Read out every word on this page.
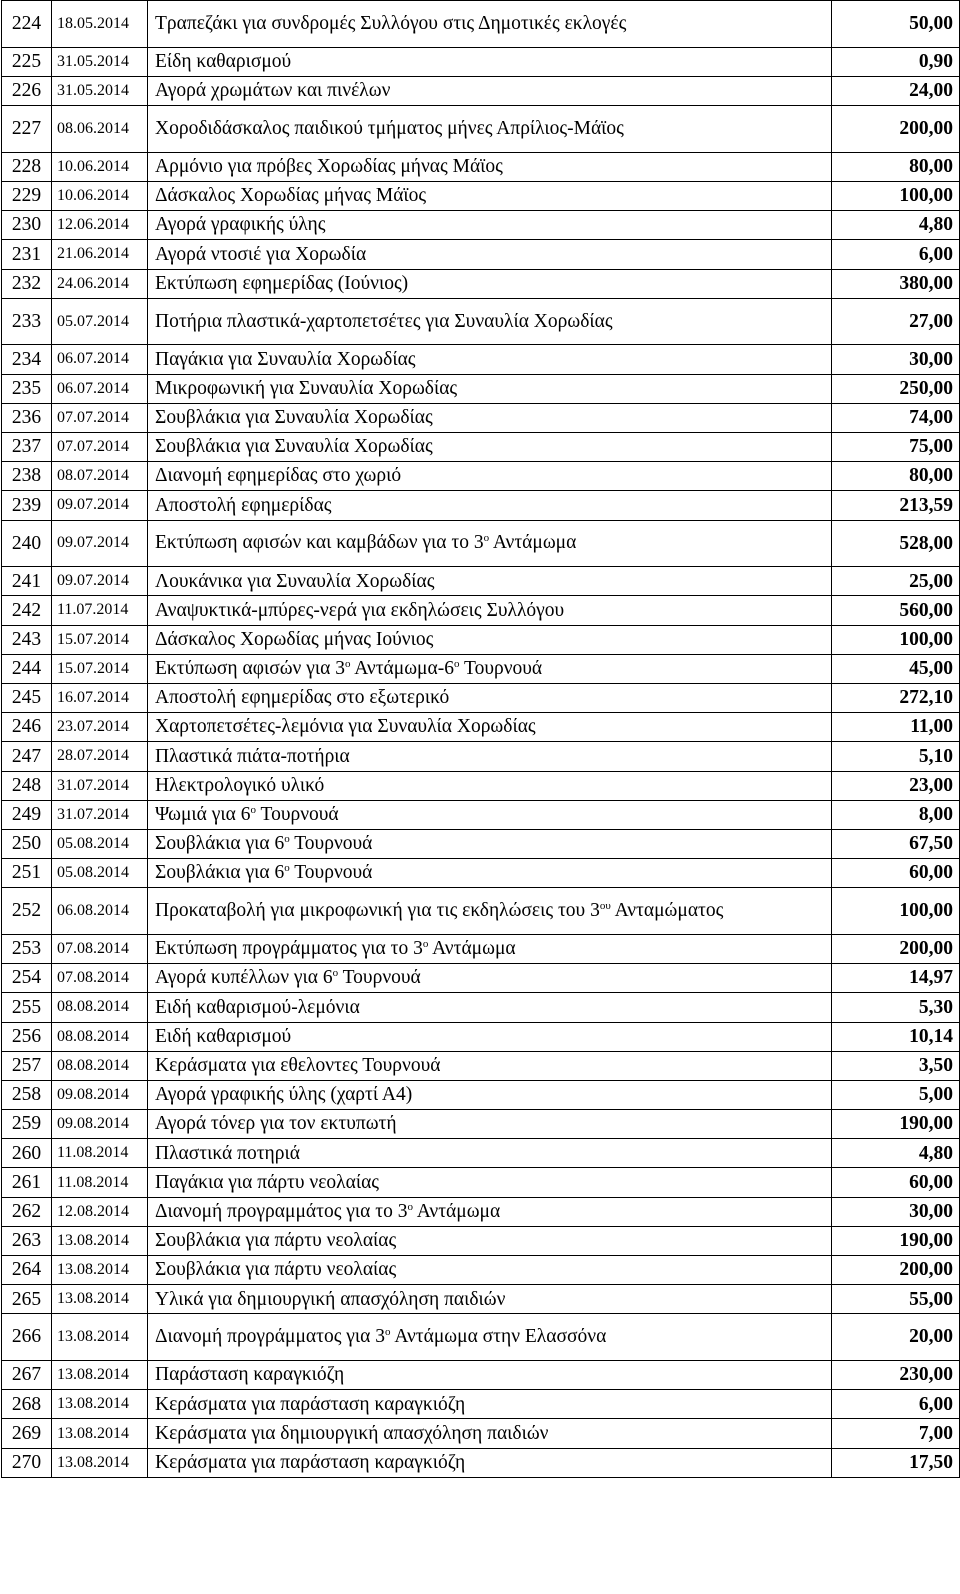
224	18.05.2014	Τραπεζάκι για συνδρομές Συλλόγου στις Δημοτικές εκλογές	50,00
225	31.05.2014	Είδη καθαρισμού	0,90
226	31.05.2014	Αγορά χρωμάτων και πινέλων	24,00
227	08.06.2014	Χοροδιδάσκαλος παιδικού τμήματος μήνες Απρίλιος-Μάϊος	200,00
228	10.06.2014	Αρμόνιο για πρόβες Χορωδίας μήνας Μάϊος	80,00
229	10.06.2014	Δάσκαλος Χορωδίας μήνας Μάϊος	100,00
230	12.06.2014	Αγορά γραφικής ύλης	4,80
231	21.06.2014	Αγορά ντοσιέ για Χορωδία	6,00
232	24.06.2014	Εκτύπωση εφημερίδας (Ιούνιος)	380,00
233	05.07.2014	Ποτήρια πλαστικά-χαρτοπετσέτες για Συναυλία Χορωδίας	27,00
234	06.07.2014	Παγάκια για Συναυλία Χορωδίας	30,00
235	06.07.2014	Μικροφωνική για Συναυλία Χορωδίας	250,00
236	07.07.2014	Σουβλάκια για Συναυλία Χορωδίας	74,00
237	07.07.2014	Σουβλάκια για Συναυλία Χορωδίας	75,00
238	08.07.2014	Διανομή εφημερίδας στο χωριό	80,00
239	09.07.2014	Αποστολή εφημερίδας	213,59
240	09.07.2014	Εκτύπωση αφισών και καμβάδων για το $3^o$ Αντάμωμα	528,00
241	09.07.2014	Λουκάνικα για Συναυλία Χορωδίας	25,00
242	11.07.2014	Αναψυκτικά-μπύρες-νερά για εκδηλώσεις Συλλόγου	560,00
243	15.07.2014	Δάσκαλος Χορωδίας μήνας Ιούνιος	100,00
244	15.07.2014	Εκτύπωση αφισών για $3^o$ Αντάμωμα-$6^o$ Τουρνουά	45,00
245	16.07.2014	Αποστολή εφημερίδας στο εξωτερικό	272,10
246	23.07.2014	Χαρτοπετσέτες-λεμόνια για Συναυλία Χορωδίας	11,00
247	28.07.2014	Πλαστικά πιάτα-ποτήρια	5,10
248	31.07.2014	Ηλεκτρολογικό υλικό	23,00
249	31.07.2014	Ψωμιά για $6^o$ Τουρνουά	8,00
250	05.08.2014	Σουβλάκια για $6^o$ Τουρνουά	67,50
251	05.08.2014	Σουβλάκια για $6^o$ Τουρνουά	60,00
252	06.08.2014	Προκαταβολή για μικροφωνική για τις εκδηλώσεις του $3^{o\upsilon}$ Ανταμώματος	100,00
253	07.08.2014	Εκτύπωση προγράμματος για το $3^o$ Αντάμωμα	200,00
254	07.08.2014	Αγορά κυπέλλων για $6^o$ Τουρνουά	14,97
255	08.08.2014	Ειδή καθαρισμού-λεμόνια	5,30
256	08.08.2014	Ειδή καθαρισμού	10,14
257	08.08.2014	Κεράσματα για εθελοντες Τουρνουά	3,50
258	09.08.2014	Αγορά γραφικής ύλης (χαρτί Α4)	5,00
259	09.08.2014	Αγορά τόνερ για τον εκτυπωτή	190,00
260	11.08.2014	Πλαστικά ποτηριά	4,80
261	11.08.2014	Παγάκια για πάρτυ νεολαίας	60,00
262	12.08.2014	Διανομή προγραμμάτος για το $3^o$ Αντάμωμα	30,00
263	13.08.2014	Σουβλάκια για πάρτυ νεολαίας	190,00
264	13.08.2014	Σουβλάκια για πάρτυ νεολαίας	200,00
265	13.08.2014	Υλικά για δημιουργική απασχόληση παιδιών	55,00
266	13.08.2014	Διανομή προγράμματος για $3^o$ Αντάμωμα στην Ελασσόνα	20,00
267	13.08.2014	Παράσταση καραγκιόζη	230,00
268	13.08.2014	Κεράσματα για παράσταση καραγκιόζη	6,00
269	13.08.2014	Κεράσματα για δημιουργική απασχόληση παιδιών	7,00
270	13.08.2014	Κεράσματα για παράσταση καραγκιόζη	17,50
